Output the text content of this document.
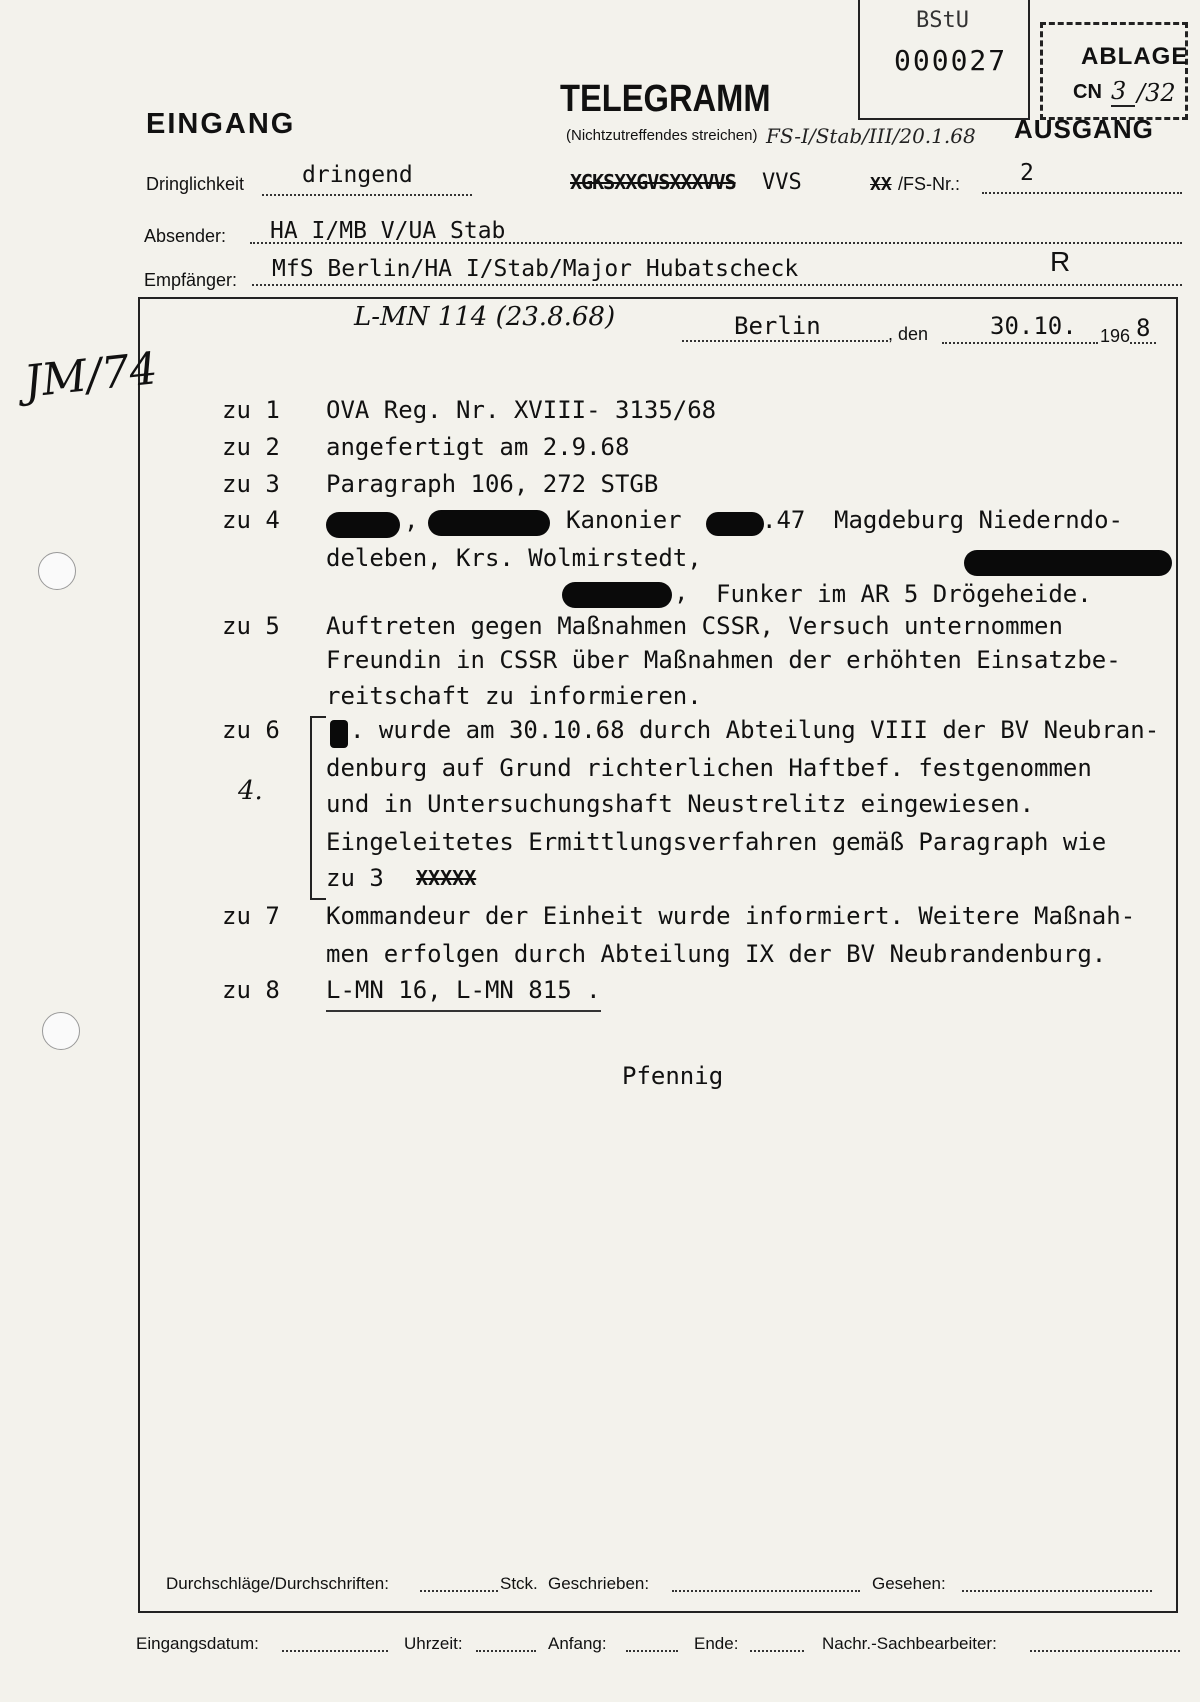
BStU
000027	ABLAGE
CN 3 /32
EINGANG
TELEGRAMM
(Nichtzutreffendes streichen) FS-I/Stab/III/20.1.68 AUSGANG
Dringlichkeit	dringend	XGKSXXGVSXXXVVS VVS	XX /FS-Nr.:	2
Absender: HA I/MB V/UA Stab
Empfänger: MfS Berlin/HA I/Stab/Major Hubatscheck	R
JM/74
L-MN 114 (23.8.68)	Berlin	, den	30.10. 196 8
zu 1 OVA Reg. Nr. XVIII- 3135/68
zu 2 angefertigt am 2.9.68
zu 3 Paragraph 106, 272 STGB
zu 4	,	Kanonier	.47 Magdeburg Niederndo-
deleben, Krs. Wolmirstedt,
, Funker im AR 5 Drögeheide.
zu 5 Auftreten gegen Maßnahmen CSSR, Versuch unternommen
Freundin in CSSR über Maßnahmen der erhöhten Einsatzbe-
reitschaft zu informieren.
zu 6	. wurde am 30.10.68 durch Abteilung VIII der BV Neubran-
denburg auf Grund richterlichen Haftbef. festgenommen
und in Untersuchungshaft Neustrelitz eingewiesen.
Eingeleitetes Ermittlungsverfahren gemäß Paragraph wie
zu 3 XXXXX
4.
zu 7 Kommandeur der Einheit wurde informiert. Weitere Maßnah-
men erfolgen durch Abteilung IX der BV Neubrandenburg.
zu 8 L-MN 16, L-MN 815 .
Pfennig
Durchschläge/Durchschriften:	Stck. Geschrieben:	Gesehen:
Eingangsdatum:	Uhrzeit:	Anfang:	Ende:	Nachr.-Sachbearbeiter:
